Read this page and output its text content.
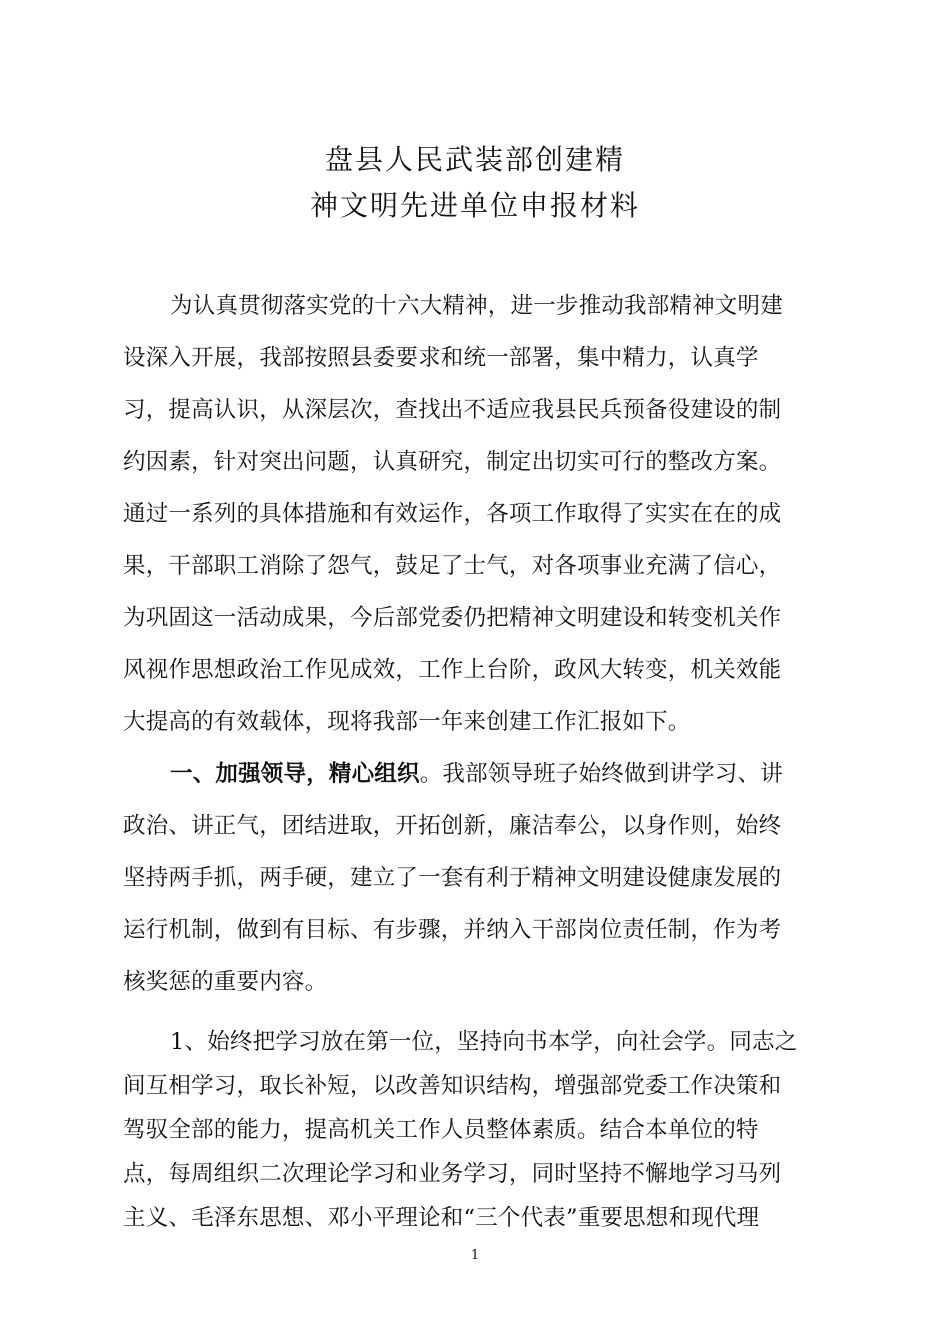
盘县人民武装部创建精
神文明先进单位申报材料
为认真贯彻落实党的十六大精神，进一步推动我部精神文明建
设深入开展，我部按照县委要求和统一部署，集中精力，认真学
习，提高认识，从深层次，查找出不适应我县民兵预备役建设的制
约因素，针对突出问题，认真研究，制定出切实可行的整改方案。
通过一系列的具体措施和有效运作，各项工作取得了实实在在的成
果，干部职工消除了怨气，鼓足了士气，对各项事业充满了信心，
为巩固这一活动成果，今后部党委仍把精神文明建设和转变机关作
风视作思想政治工作见成效，工作上台阶，政风大转变，机关效能
大提高的有效载体，现将我部一年来创建工作汇报如下。
一、加强领导，精心组织。我部领导班子始终做到讲学习、讲
政治、讲正气，团结进取，开拓创新，廉洁奉公，以身作则，始终
坚持两手抓，两手硬，建立了一套有利于精神文明建设健康发展的
运行机制，做到有目标、有步骤，并纳入干部岗位责任制，作为考
核奖惩的重要内容。
1、始终把学习放在第一位，坚持向书本学，向社会学。同志之
间互相学习，取长补短，以改善知识结构，增强部党委工作决策和
驾驭全部的能力，提高机关工作人员整体素质。结合本单位的特
点，每周组织二次理论学习和业务学习，同时坚持不懈地学习马列
1
主义、毛泽东思想、邓小平理论和“三个代表”重要思想和现代理
